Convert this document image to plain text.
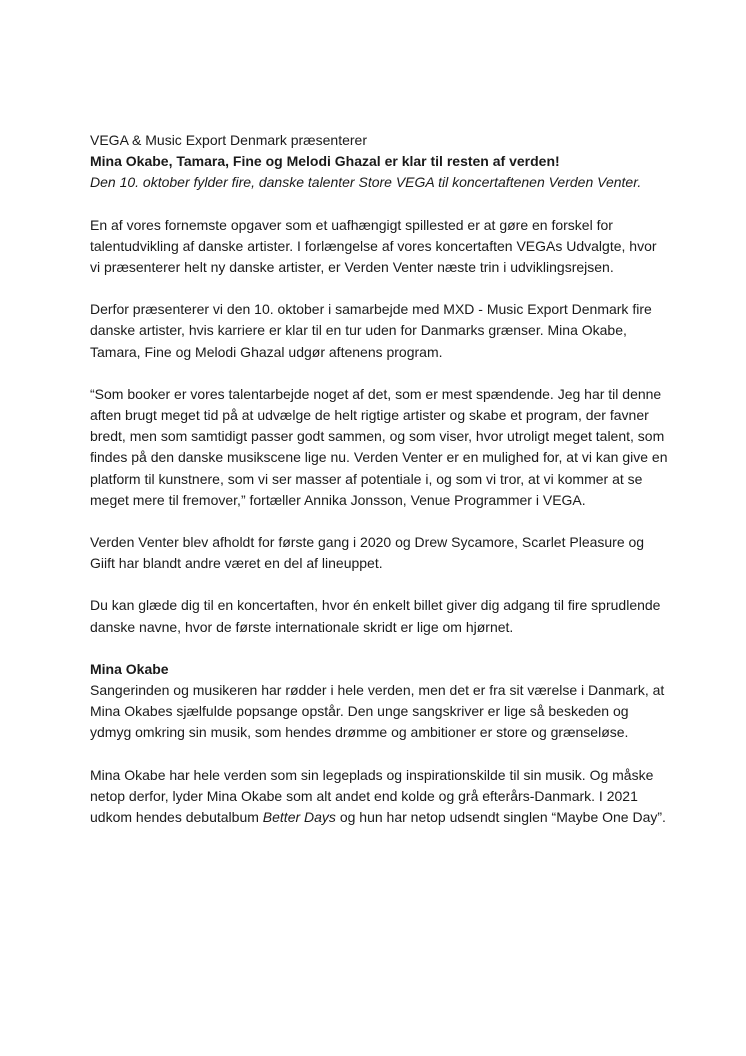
VEGA & Music Export Denmark præsenterer

Mina Okabe, Tamara, Fine og Melodi Ghazal er klar til resten af verden!

Den 10. oktober fylder fire, danske talenter Store VEGA til koncertaftenen Verden Venter.

En af vores fornemste opgaver som et uafhængigt spillested er at gøre en forskel for talentudvikling af danske artister. I forlængelse af vores koncertaften VEGAs Udvalgte, hvor vi præsenterer helt ny danske artister, er Verden Venter næste trin i udviklingsrejsen.

Derfor præsenterer vi den 10. oktober i samarbejde med MXD - Music Export Denmark fire danske artister, hvis karriere er klar til en tur uden for Danmarks grænser. Mina Okabe, Tamara, Fine og Melodi Ghazal udgør aftenens program.

“Som booker er vores talentarbejde noget af det, som er mest spændende. Jeg har til denne aften brugt meget tid på at udvælge de helt rigtige artister og skabe et program, der favner bredt, men som samtidigt passer godt sammen, og som viser, hvor utroligt meget talent, som findes på den danske musikscene lige nu. Verden Venter er en mulighed for, at vi kan give en platform til kunstnere, som vi ser masser af potentiale i, og som vi tror, at vi kommer at se meget mere til fremover,” fortæller Annika Jonsson, Venue Programmer i VEGA.

Verden Venter blev afholdt for første gang i 2020 og Drew Sycamore, Scarlet Pleasure og Giift har blandt andre været en del af lineuppet.

Du kan glæde dig til en koncertaften, hvor én enkelt billet giver dig adgang til fire sprudlende danske navne, hvor de første internationale skridt er lige om hjørnet.

Mina Okabe

Sangerinden og musikeren har rødder i hele verden, men det er fra sit værelse i Danmark, at Mina Okabes sjælfulde popsange opstår. Den unge sangskriver er lige så beskeden og ydmyg omkring sin musik, som hendes drømme og ambitioner er store og grænseløse.

Mina Okabe har hele verden som sin legeplads og inspirationskilde til sin musik. Og måske netop derfor, lyder Mina Okabe som alt andet end kolde og grå efterårs-Danmark. I 2021 udkom hendes debutalbum Better Days og hun har netop udsendt singlen “Maybe One Day”.
